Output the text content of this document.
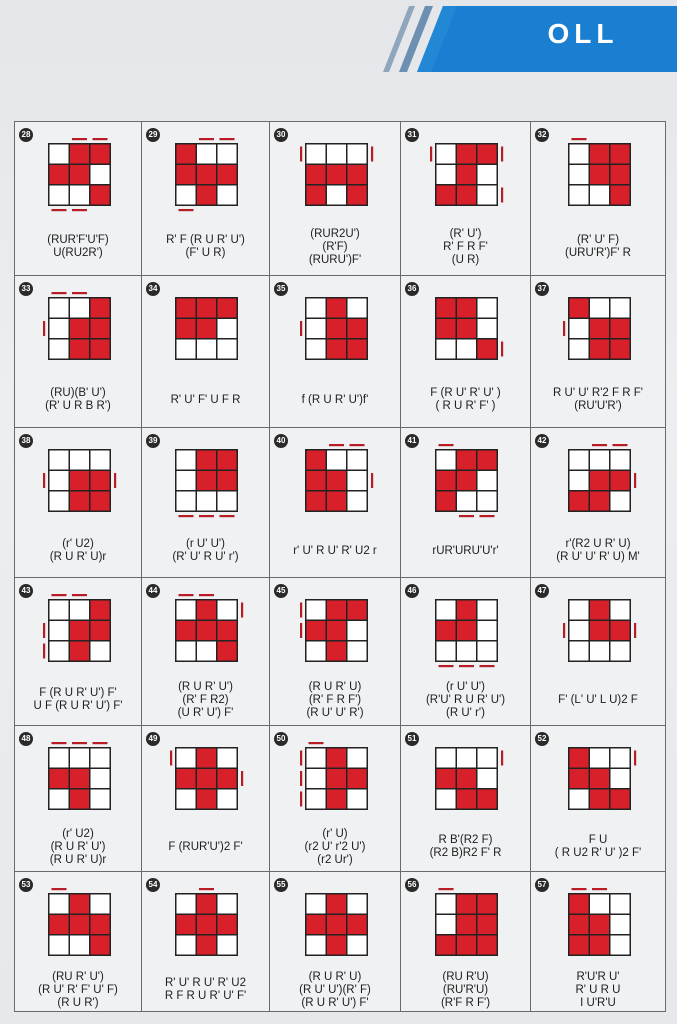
OLL
28
(RUR'F'U'F)
U(RU2R')
29
R' F (R U R' U')
(F' U R)
30
(RUR2U')
(R'F)
(RURU')F'
31
(R' U')
R' F R F'
(U R)
32
(R' U' F)
(URU'R')F' R
33
(RU)(B' U')
(R' U R B R')
34
R' U' F' U F R
35
f (R U R' U')f'
36
F (R U' R' U' )
( R U R' F' )
37
R U' U' R'2 F R F'
(RU'U'R')
38
(r' U2)
(R U R' U)r
39
(r U' U')
(R' U' R U' r')
40
r' U' R U' R' U2 r
41
rUR'URU'U'r'
42
r'(R2 U R' U)
(R U' U' R' U) M'
43
F (R U R' U') F'
U F (R U R' U') F'
44
(R U R' U')
(R' F R2)
(U R' U') F'
45
(R U R' U)
(R' F R F')
(R U' U' R')
46
(r U' U')
(R'U' R U R' U')
(R U' r')
47
F' (L' U' L U)2 F
48
(r' U2)
(R U R' U')
(R U R' U)r
49
F (RUR'U')2 F'
50
(r' U)
(r2 U' r'2 U')
(r2 Ur')
51
R B'(R2 F)
(R2 B)R2 F' R
52
F U
( R U2 R' U' )2 F'
53
(RU R' U')
(R U' R' F' U' F)
(R U R')
54
R' U' R U' R' U2
R F R U R' U' F'
55
(R U R' U)
(R U' U')(R' F)
(R U R' U') F'
56
(RU R'U)
(RU'R'U)
(R'F R F')
57
R'U'R U'
R' U R U
I U'R'U
